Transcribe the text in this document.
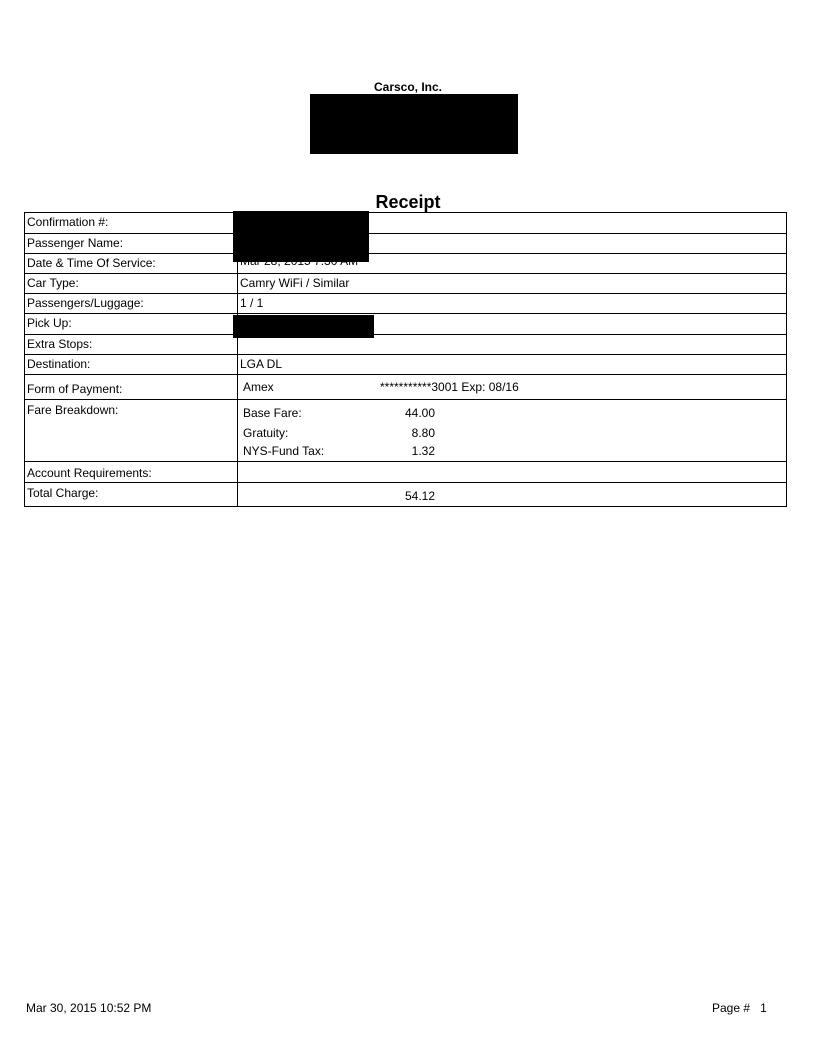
Carsco, Inc.
Receipt
Confirmation #:
Passenger Name:
Date & Time Of Service:
Car Type:	Camry WiFi / Similar
Passengers/Luggage:	1 / 1
Pick Up:
Extra Stops:
Destination:	LGA DL
Form of Payment:	Amex	***********3001 Exp: 08/16
Fare Breakdown:	Base Fare:	44.00
Gratuity:	8.80
NYS-Fund Tax:	1.32
Account Requirements:
Total Charge:	54.12
Mar 30, 2015 10:52 PM	Page # 1
